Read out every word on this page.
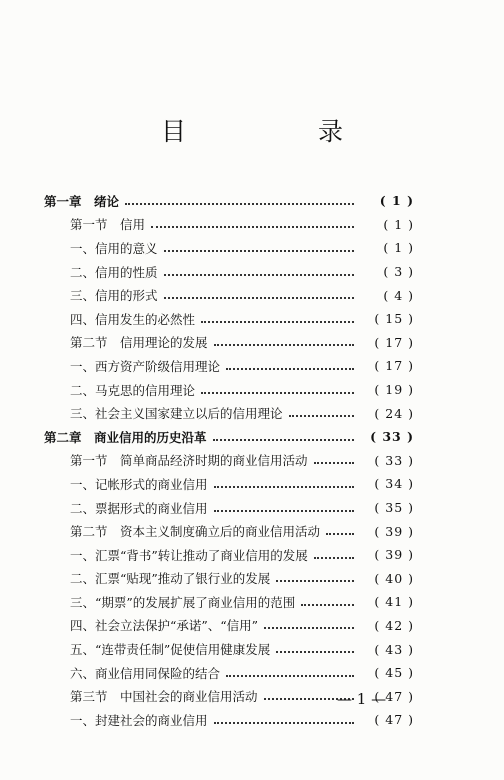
目 录
第一章　绪论	( 1 )
第一节　信用	( 1 )
一、信用的意义	( 1 )
二、信用的性质	( 3 )
三、信用的形式	( 4 )
四、信用发生的必然性	( 15 )
第二节　信用理论的发展	( 17 )
一、西方资产阶级信用理论	( 17 )
二、马克思的信用理论	( 19 )
三、社会主义国家建立以后的信用理论	( 24 )
第二章　商业信用的历史沿革	( 33 )
第一节　简单商品经济时期的商业信用活动	( 33 )
一、记帐形式的商业信用	( 34 )
二、票据形式的商业信用	( 35 )
第二节　资本主义制度确立后的商业信用活动	( 39 )
一、汇票“背书”转让推动了商业信用的发展	( 39 )
二、汇票“贴现”推动了银行业的发展	( 40 )
三、“期票”的发展扩展了商业信用的范围	( 41 )
四、社会立法保护“承诺”、“信用”	( 42 )
五、“连带责任制”促使信用健康发展	( 43 )
六、商业信用同保险的结合	( 45 )
第三节　中国社会的商业信用活动	( 47 )
一、封建社会的商业信用	( 47 )
— 1 —
